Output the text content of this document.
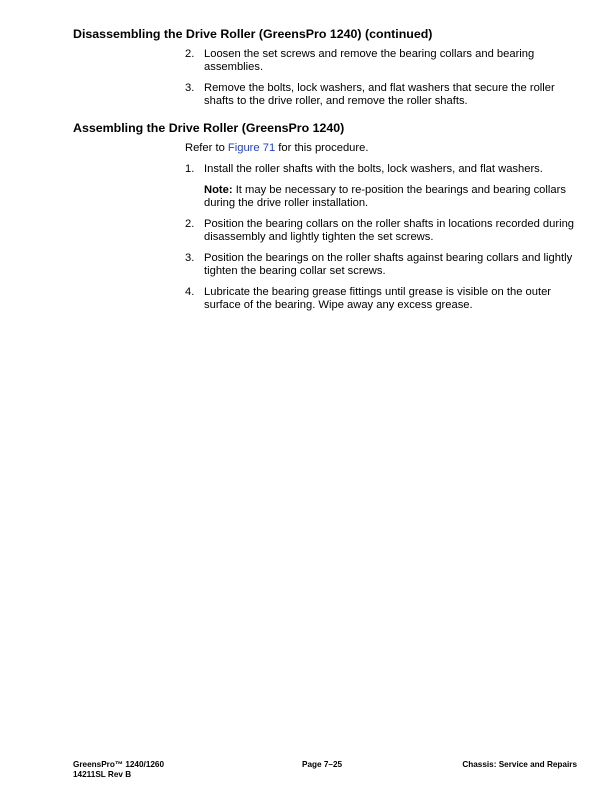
Disassembling the Drive Roller (GreensPro 1240) (continued)
2. Loosen the set screws and remove the bearing collars and bearing assemblies.
3. Remove the bolts, lock washers, and flat washers that secure the roller shafts to the drive roller, and remove the roller shafts.
Assembling the Drive Roller (GreensPro 1240)

Refer to Figure 71 for this procedure.

1. Install the roller shafts with the bolts, lock washers, and flat washers.
Note: It may be necessary to re-position the bearings and bearing collars during the drive roller installation.
2. Position the bearing collars on the roller shafts in locations recorded during disassembly and lightly tighten the set screws.
3. Position the bearings on the roller shafts against bearing collars and lightly tighten the bearing collar set screws.
4. Lubricate the bearing grease fittings until grease is visible on the outer surface of the bearing. Wipe away any excess grease.
GreensPro™ 1240/1260
14211SL Rev B
Page 7–25	Chassis: Service and Repairs
